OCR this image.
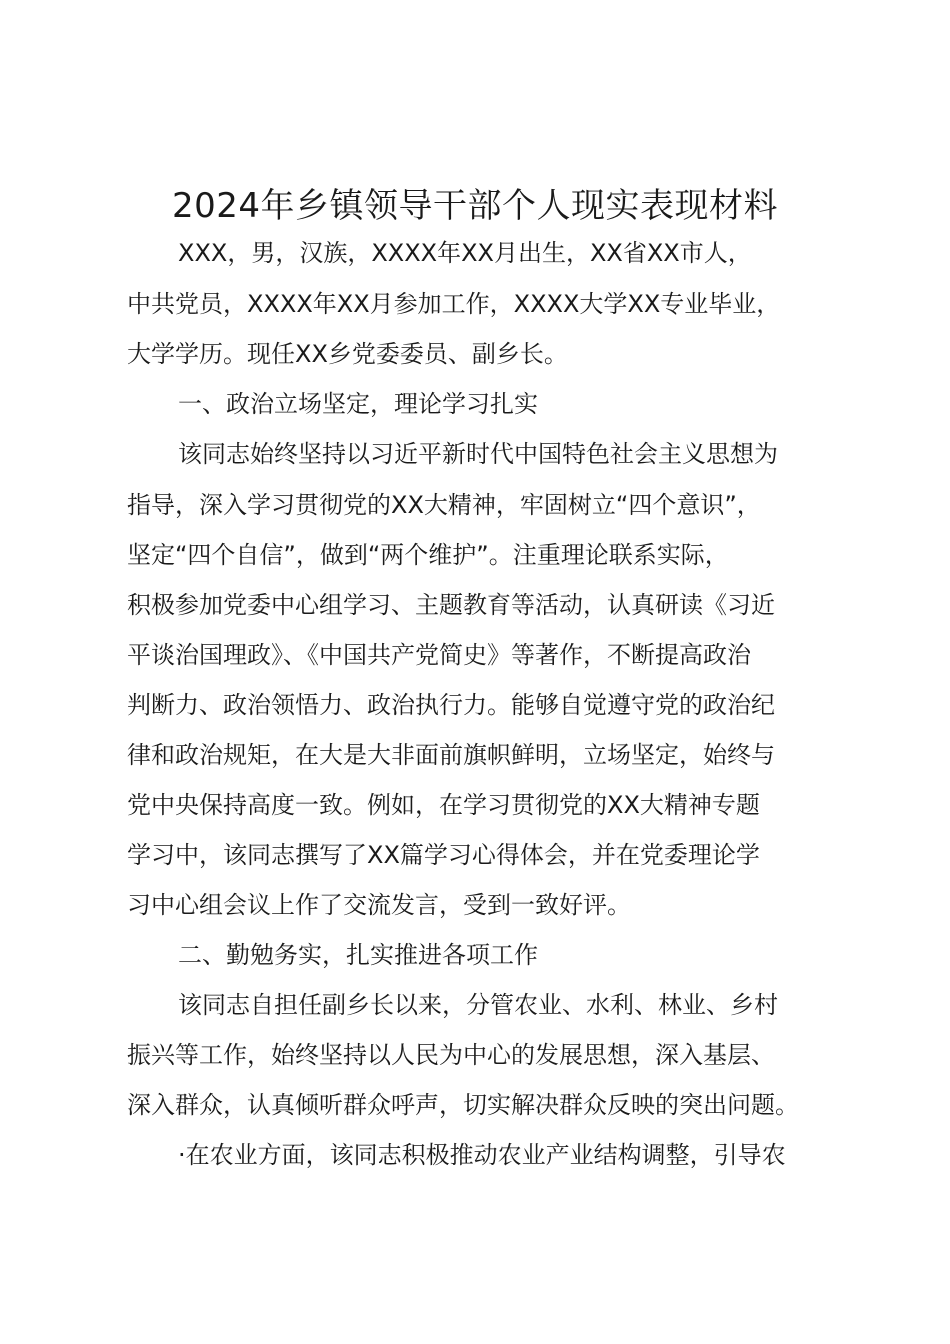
2024年乡镇领导干部个人现实表现材料
XXX，男，汉族，XXXX年XX月出生，XX省XX市人，
中共党员，XXXX年XX月参加工作，XXXX大学XX专业毕业，
大学学历。现任XX乡党委委员、副乡长。
一、政治立场坚定，理论学习扎实
该同志始终坚持以习近平新时代中国特色社会主义思想为
指导，深入学习贯彻党的XX大精神，牢固树立“四个意识”，
坚定“四个自信”，做到“两个维护”。注重理论联系实际，
积极参加党委中心组学习、主题教育等活动，认真研读《习近
平谈治国理政》、《中国共产党简史》等著作，不断提高政治
判断力、政治领悟力、政治执行力。能够自觉遵守党的政治纪
律和政治规矩，在大是大非面前旗帜鲜明，立场坚定，始终与
党中央保持高度一致。例如，在学习贯彻党的XX大精神专题
学习中，该同志撰写了XX篇学习心得体会，并在党委理论学
习中心组会议上作了交流发言，受到一致好评。
二、勤勉务实，扎实推进各项工作
该同志自担任副乡长以来，分管农业、水利、林业、乡村
振兴等工作，始终坚持以人民为中心的发展思想，深入基层、
深入群众，认真倾听群众呼声，切实解决群众反映的突出问题。
·在农业方面，该同志积极推动农业产业结构调整，引导农
